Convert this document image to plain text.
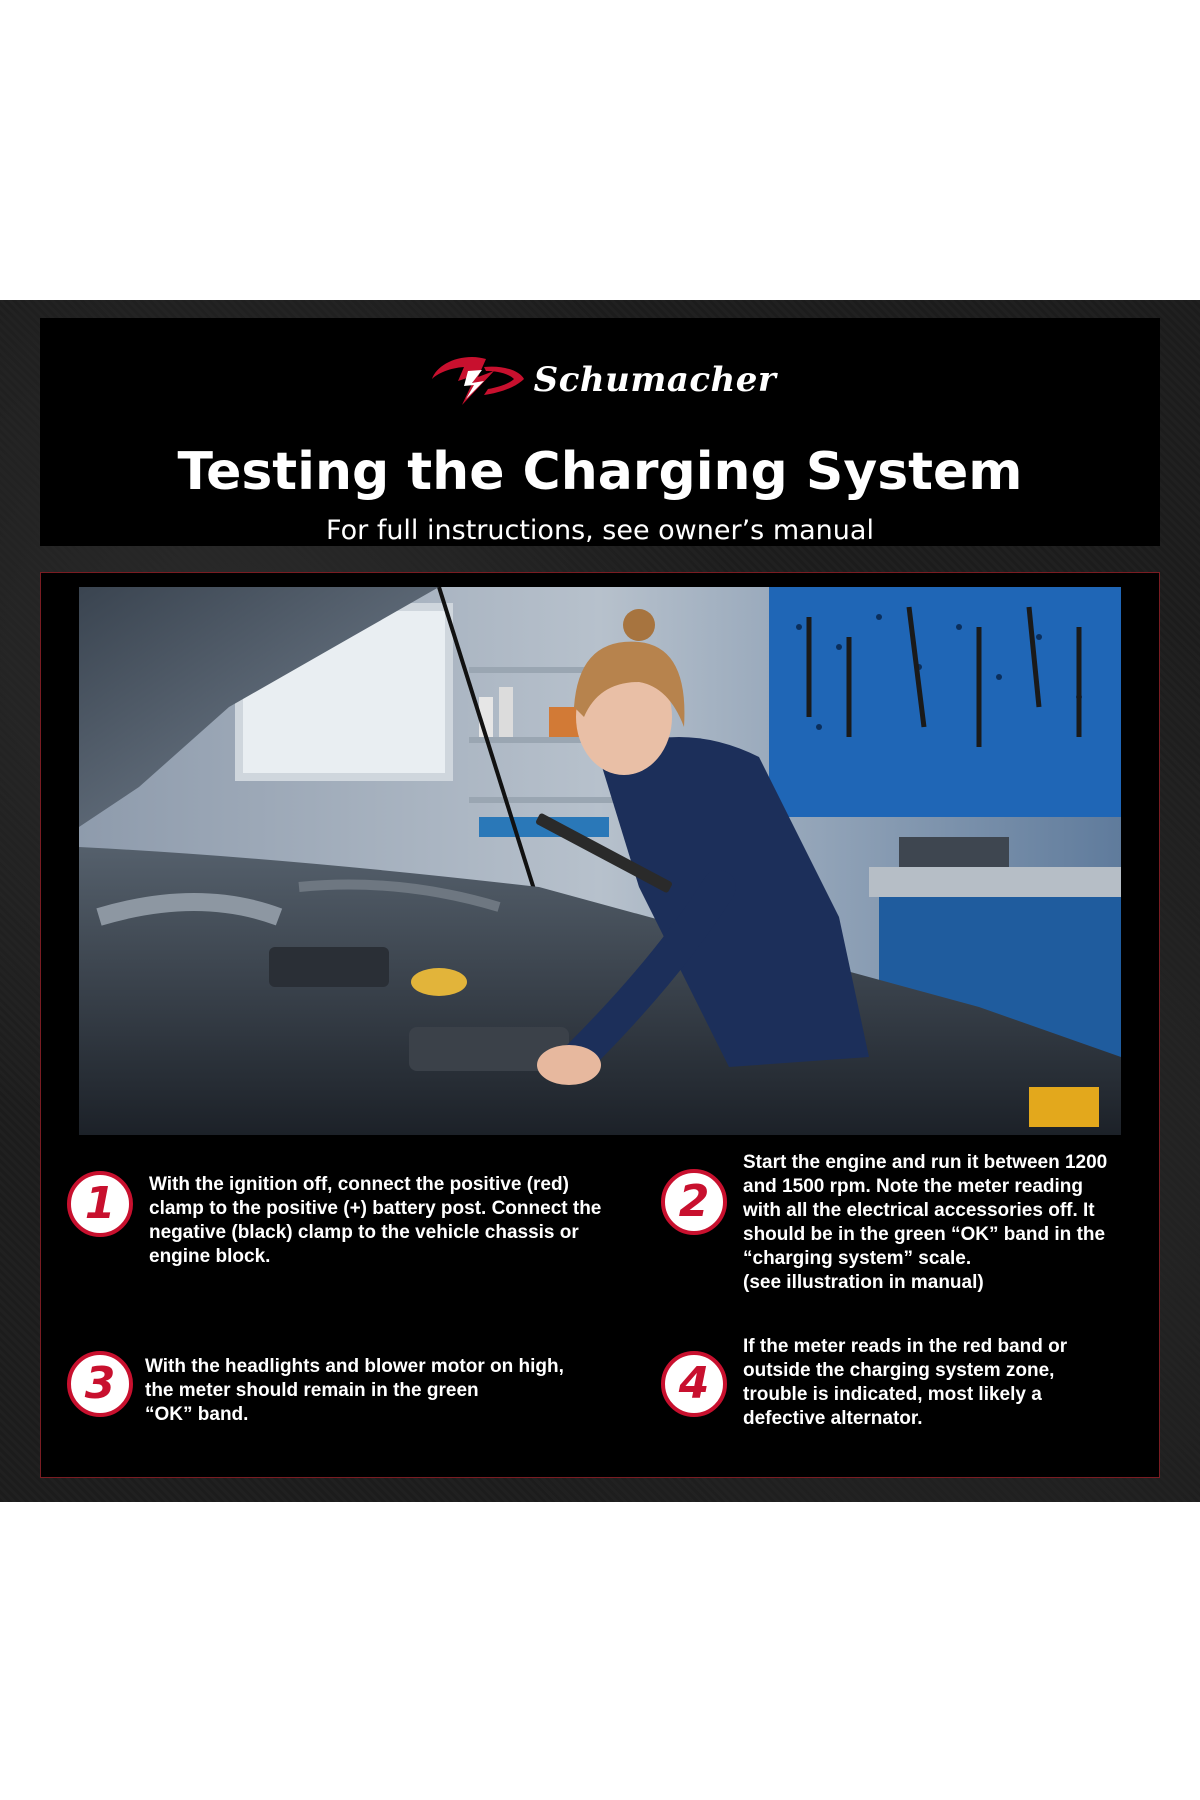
Schumacher
Testing the Charging System
For full instructions, see owner’s manual
1 With the ignition off, connect the positive (red)
clamp to the positive (+) battery post. Connect the
negative (black) clamp to the vehicle chassis or
engine block.
2
Start the engine and run it between 1200
and 1500 rpm. Note the meter reading
with all the electrical accessories off. It
should be in the green “OK” band in the
“charging system” scale.
(see illustration in manual)
3 With the headlights and blower motor on high,
the meter should remain in the green
“OK” band.
4
If the meter reads in the red band or
outside the charging system zone,
trouble is indicated, most likely a
defective alternator.
